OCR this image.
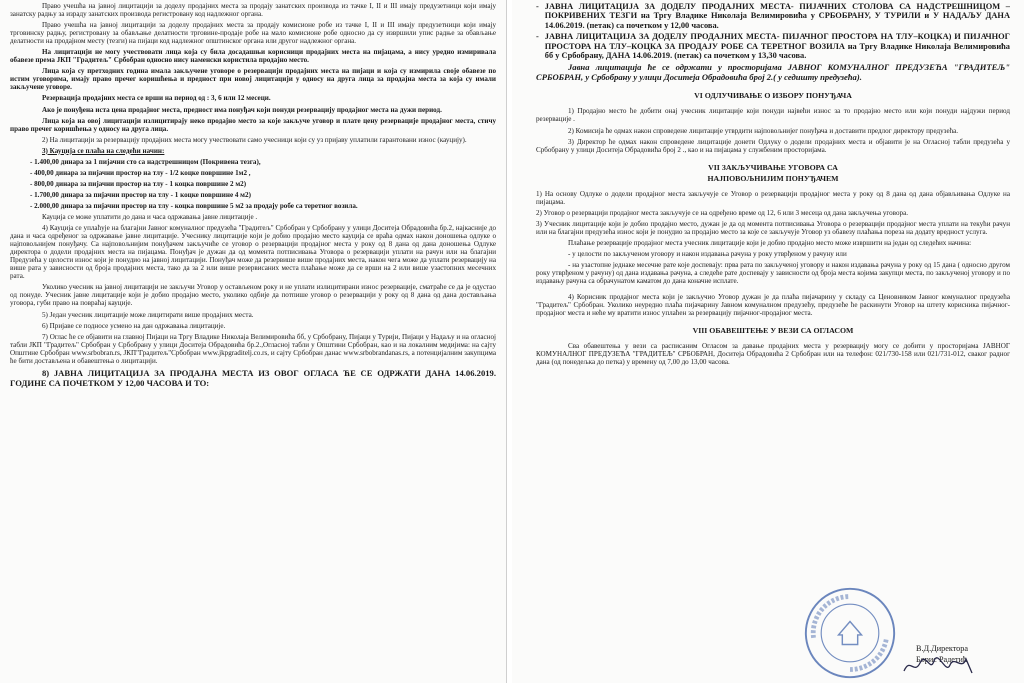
Право учешћа на јавној лицитацији за доделу продајних места за продају занатских производа из тачке I, II и III имају предузетници који имају занатску радњу за израду занатских производа регистровану код надлежног органа.

Право учешћа на јавној лицитацији за доделу продајних места за продају комисионе робе из тачке I, II и III имају предузетници који имају трговинску радњу, регистровану за обављање делатности трговине-продаје робе на мало комисионе робе односно да су извршили упис радње за обављање делатности на продајном месту (тезги) на пијаци код надлежног општинског органа или другог надлежног органа.

На лицитацији не могу учествовати лица која су била досадашњи корисници продајних места на пијацама, а нису уредно измиривала обавезе према ЈКП "Градитељ" Србобран односно нису наменски користила продајно место.

Лица која су претходних година имала закључене уговоре о резервацији продајних места на пијаци и која су измирила своје обавезе по истим уговорима, имају право пречег коришћења и предност при новој лицитацији у односу на друга лица за продајна места за која су имали закључене уговоре.

Резервација продајних места се врши на период од : 3, 6 или 12 месеци.

Ако је понуђена иста цена продајног места, предност има понуђач који понуди резервацију продајног места на дужи период.

Лица која на овој лицитацији излицитирају неко продајно место за које закључе уговор и плате цену резервације продајног места, стичу право пречег коришћења у односу на друга лица.

2) На лицитацији за резервацију продајних места могу учествовати само учесници који су уз пријаву уплатили гарантовани износ (кауцију).

3) Кауција се плаћа на следећи начин:

- 1.400,00 динара за 1 пијачни сто са надстрешницом (Покривена тезга),

- 400,00 динара за пијачни простор на тлу - 1/2 коцке површине 1м2 ,

- 800,00 динара за пијачни простор на тлу - 1 коцка површине 2 м2)

- 1.700,00 динара за пијачни простор на тлу - 1 коцке површине 4 м2)

- 2.000,00 динара за пијачни простор на тлу - коцка површине 5 м2 за продају робе са теретног возила.

Кауција се може уплатити до дана и часа одржавања јавне лицитације .

4) Кауција се уплаћује на благајни Јавног комуналног предузећа "Градитељ" Србобран у Србобрану у улици Доситеја Обрадовића бр.2, најкасније до дана и часа одређеног за одржавање јавне лицитације. Учеснику лицитације који је добио продајно место кауција се враћа одмах након доношења одлуке о најповољнијем понуђачу. Са најповољнијим понуђачем закључиће се уговор о резервацији продајног места у року од 8 дана од дана доношења Одлуке директора о додели продајних места на пијацама. Понуђач је дужан да од момента потписивања Уговора о резервацији уплати на рачун или на благајни Предузећа у целости износ који је понудио на јавној лицитацији. Понуђач може да резервише више продајних места, након чега може да уплати резервацију на више рата у зависности од броја продајних места, тако да за 2 или више резервисаних места плаћање може да се врши на 2 или више узастопних месечних рата.

Уколико учесник на јавној лицитацији не закључи Уговор у остављеном року и не уплати излицитирани износ резервације, сматраће се да је одустао од понуде. Учесник јавне лицитације који је добио продајно место, уколико одбије да потпише уговор о резервацији у року од 8 дана од дана достављања уговора, губи право на повраћај кауције.

5) Један учесник лицитације може лицитирати више продајних места.

6) Пријаве се подносе усмено на дан одржавања лицитације.

7) Оглас ће се објавити на главној Пијаци на Тргу Владике Николаја Велимировића бб, у Србобрану, Пијаци у Турији, Пијаци у Надаљу и на огласној табли ЈКП "Градитељ" Србобран у Србобрану у улици Доситеја Обрадовића бр.2.,Огласној табли у Општини Србобран, као и на локалним медијима: на сајту Општине Србобран www.srbobran.rs, ЈКП"Градитељ"Србобран www.jkpgraditelj.co.rs, и сајту Србобран данас www.srbobrandanas.rs, а потенцијалним закупцима ће бити достављена и обавештења о лицитацији.

8) ЈАВНА ЛИЦИТАЦИЈА ЗА ПРОДАЈНА МЕСТА ИЗ ОВОГ ОГЛАСА ЋЕ СЕ ОДРЖАТИ ДАНА 14.06.2019. ГОДИНЕ СА ПОЧЕТКОМ У 12,00 ЧАСОВА И ТО:

- ЈАВНА ЛИЦИТАЦИЈА ЗА ДОДЕЛУ ПРОДАЈНИХ МЕСТА- ПИЈАЧНИХ СТОЛОВА СА НАДСТРЕШНИЦОМ –ПОКРИВЕНИХ ТЕЗГИ на Тргу Владике Николаја Велимировића у СРБОБРАНУ, У ТУРИЛИ и У НАДАЉУ ДАНА 14.06.2019. (петак) са почетком у 12,00 часова.
- ЈАВНА ЛИЦИТАЦИЈА ЗА ДОДЕЛУ ПРОДАЈНИХ МЕСТА- ПИЈАЧНОГ ПРОСТОРА НА ТЛУ–КОЦКА) И ПИЈАЧНОГ ПРОСТОРА НА ТЛУ–КОЦКА ЗА ПРОДАЈУ РОБЕ СА ТЕРЕТНОГ ВОЗИЛА на Тргу Владике Николаја Велимировића бб у Србобрану, ДАНА 14.06.2019. (петак) са почетком у 13,30 часова.

Јавна лицитација ће се одржати у просторијама ЈАВНОГ КОМУНАЛНОГ ПРЕДУЗЕЋА "ГРАДИТЕЉ" СРБОБРАН, у Србобрану у улици Доситеја Обрадовића број 2.( у седишту предузећа).

VI ОДЛУЧИВАЊЕ О ИЗБОРУ ПОНУЂАЧА

1) Продајно место ће добити онај учесник лицитације који понуди највећи износ за то продајно место или који понуди најдужи период резервације .

2) Комисија ће одмах након спроведене лицитације утврдити најповољнијег понуђача и доставити предлог директору предузећа.

3) Директор ће одмах након спроведене лицитације донети Одлуку о додели продајних места и објавити је на Огласној табли предузећа у Србобрану у улици Доситеја Обрадовића број 2 ., као и на пијацама у службеним просторијама.

VII ЗАКЉУЧИВАЊЕ УГОВОРА СА
НАЈПОВОЉНИЈИМ ПОНУЂАЧЕМ

1) На основу Одлуке о додели продајног места закључује се Уговор о резервацији продајног места у року од 8 дана од дана објављивања Одлуке на пијацама.

2) Уговор о резервацији продајног места закључује се на одређено време од 12, 6 или 3 месеца од дана закључења уговора.

3) Учесник лицитације који је добио продајно место, дужан је да од момента потписивања Уговора о резервацији продајног места уплати на текући рачун или на благајни предузећа износ који је понудио за продајно место за које се закључује Уговор уз обавезу плаћања пореза на додату вредност услуга.

Плаћање резервације продајног места учесник лицитације који је добио продајно место може извршити на један од следећих начина:

- у целости по закљученом уговору и након издавања рачуна у року утврђеном у рачуну или

- на узастопне једнаке месечне рате које доспевају: прва рата по закљученој уговору и након издавања рачуна у року од 15 дана ( односно другом року утврђеном у рачуну) од дана издавања рачуна, а следеће рате доспевају у зависности од броја места којима закупци места, по закљученој уговору и по издавању рачуна са обрачунатом каматом до дана коначне исплате.

4) Корисник продајног места који је закључио Уговор дужан је да плаћа пијачарину у складу са Ценовником Јавног комуналног предузећа "Градитељ" Србобран. Уколико неуредно плаћа пијачарину Јавном комуналном предузећу, предузеће ће раскинути Уговор на штету корисника пијачног-продајног места и неће му вратити износ уплаћен за резервацију пијачног-продајног места.

VIII ОБАВЕШТЕЊЕ У ВЕЗИ СА ОГЛАСОМ

Сва обавештења у вези са расписаним Огласом за давање продајних места у резервацију могу се добити у просторијама ЈАВНОГ КОМУНАЛНОГ ПРЕДУЗЕЋА "ГРАДИТЕЉ" СРБОБРАН, Доситеја Обрадовића 2 Србобран или на телефон: 021/730-158 или 021/731-012, сваког радног дана (од понедељка до петка) у времену од 7,00 до 13,00 часова.

В.Д.Директора
Борис Радетић
